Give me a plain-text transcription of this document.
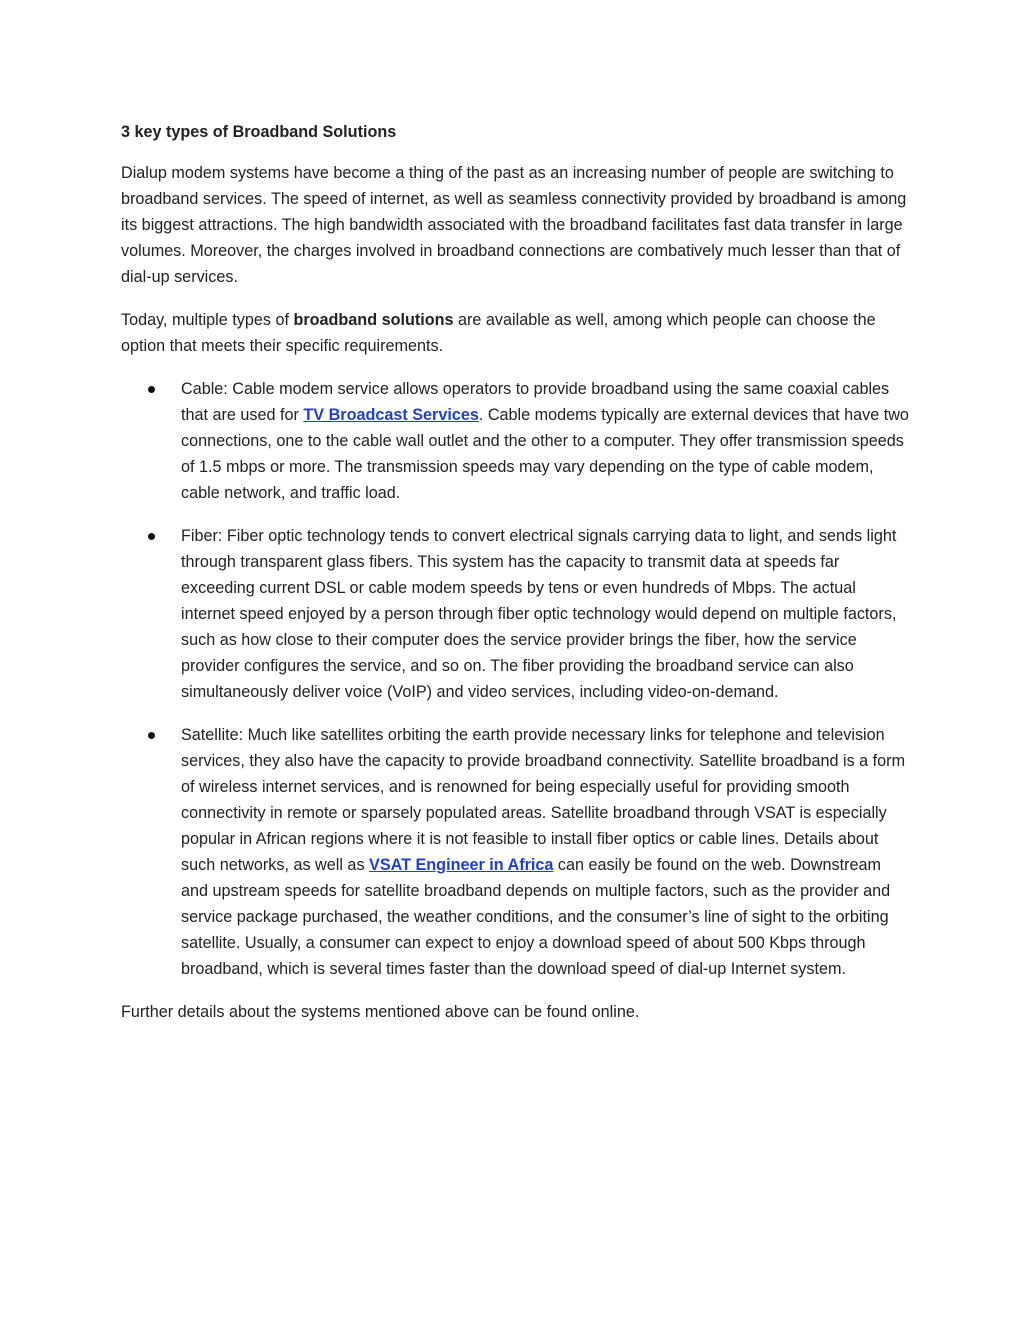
3 key types of Broadband Solutions

Dialup modem systems have become a thing of the past as an increasing number of people are switching to broadband services. The speed of internet, as well as seamless connectivity provided by broadband is among its biggest attractions. The high bandwidth associated with the broadband facilitates fast data transfer in large volumes. Moreover, the charges involved in broadband connections are combatively much lesser than that of dial-up services.

Today, multiple types of broadband solutions are available as well, among which people can choose the option that meets their specific requirements.

Cable: Cable modem service allows operators to provide broadband using the same coaxial cables that are used for TV Broadcast Services. Cable modems typically are external devices that have two connections, one to the cable wall outlet and the other to a computer. They offer transmission speeds of 1.5 mbps or more. The transmission speeds may vary depending on the type of cable modem, cable network, and traffic load.
Fiber: Fiber optic technology tends to convert electrical signals carrying data to light, and sends light through transparent glass fibers. This system has the capacity to transmit data at speeds far exceeding current DSL or cable modem speeds by tens or even hundreds of Mbps. The actual internet speed enjoyed by a person through fiber optic technology would depend on multiple factors, such as how close to their computer does the service provider brings the fiber, how the service provider configures the service, and so on. The fiber providing the broadband service can also simultaneously deliver voice (VoIP) and video services, including video-on-demand.
Satellite: Much like satellites orbiting the earth provide necessary links for telephone and television services, they also have the capacity to provide broadband connectivity. Satellite broadband is a form of wireless internet services, and is renowned for being especially useful for providing smooth connectivity in remote or sparsely populated areas. Satellite broadband through VSAT is especially popular in African regions where it is not feasible to install fiber optics or cable lines. Details about such networks, as well as VSAT Engineer in Africa can easily be found on the web. Downstream and upstream speeds for satellite broadband depends on multiple factors, such as the provider and service package purchased, the weather conditions, and the consumer’s line of sight to the orbiting satellite. Usually, a consumer can expect to enjoy a download speed of about 500 Kbps through broadband, which is several times faster than the download speed of dial-up Internet system.

Further details about the systems mentioned above can be found online.
